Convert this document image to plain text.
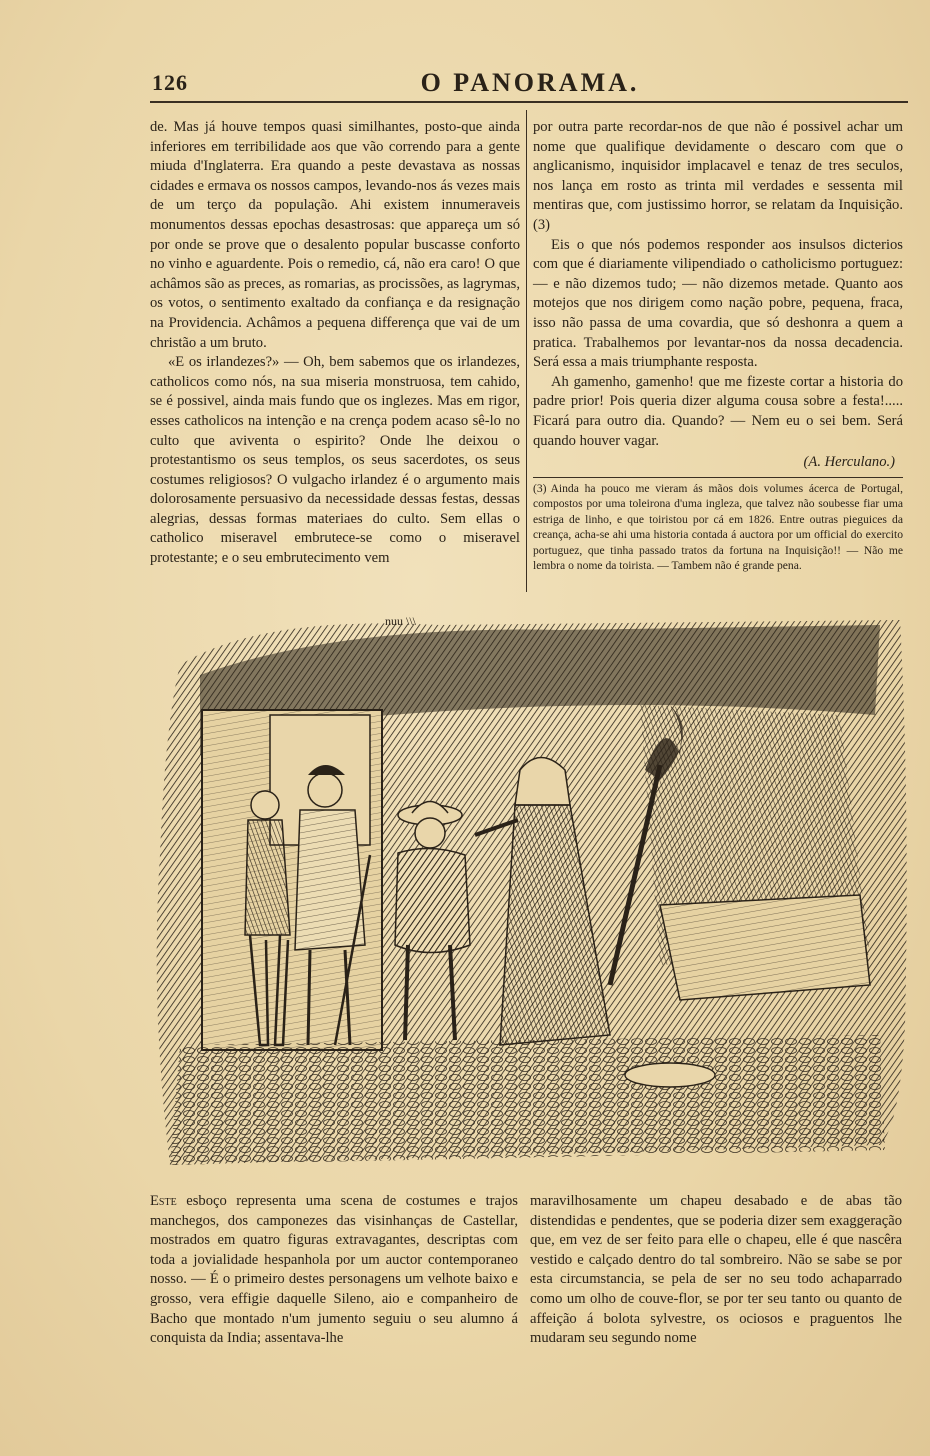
126	O PANORAMA.

de. Mas já houve tempos quasi similhantes, posto-que ainda inferiores em terribilidade aos que vão correndo para a gente miuda d'Inglaterra. Era quando a peste devastava as nossas cidades e ermava os nossos campos, levando-nos ás vezes mais de um terço da população. Ahi existem innumeraveis monumentos dessas epochas desastrosas: que appareça um só por onde se prove que o desalento popular buscasse conforto no vinho e aguardente. Pois o remedio, cá, não era caro! O que achâmos são as preces, as romarias, as procissões, as lagrymas, os votos, o sentimento exaltado da confiança e da resignação na Providencia. Achâmos a pequena differença que vai de um christão a um bruto.

«E os irlandezes?» — Oh, bem sabemos que os irlandezes, catholicos como nós, na sua miseria monstruosa, tem cahido, se é possivel, ainda mais fundo que os inglezes. Mas em rigor, esses catholicos na intenção e na crença podem acaso sê-lo no culto que aviventa o espirito? Onde lhe deixou o protestantismo os seus templos, os seus sacerdotes, os seus costumes religiosos? O vulgacho irlandez é o argumento mais dolorosamente persuasivo da necessidade dessas festas, dessas alegrias, dessas formas materiaes do culto. Sem ellas o catholico miseravel embrutece-se como o miseravel protestante; e o seu embrutecimento vem

por outra parte recordar-nos de que não é possivel achar um nome que qualifique devidamente o descaro com que o anglicanismo, inquisidor implacavel e tenaz de tres seculos, nos lança em rosto as trinta mil verdades e sessenta mil mentiras que, com justissimo horror, se relatam da Inquisição. (3)

Eis o que nós podemos responder aos insulsos dicterios com que é diariamente vilipendiado o catholicismo portuguez: — e não dizemos tudo; — não dizemos metade. Quanto aos motejos que nos dirigem como nação pobre, pequena, fraca, isso não passa de uma covardia, que só deshonra a quem a pratica. Trabalhemos por levantar-nos da nossa decadencia. Será essa a mais triumphante resposta.

Ah gamenho, gamenho! que me fizeste cortar a historia do padre prior! Pois queria dizer alguma cousa sobre a festa!..... Ficará para outro dia. Quando? — Nem eu o sei bem. Será quando houver vagar.

(A. Herculano.)
(3) Ainda ha pouco me vieram ás mãos dois volumes ácerca de Portugal, compostos por uma toleirona d'uma ingleza, que talvez não soubesse fiar uma estriga de linho, e que toiristou por cá em 1826. Entre outras pieguices da creança, acha-se ahi uma historia contada á auctora por um official do exercito portuguez, que tinha passado tratos da fortuna na Inquisição!! — Não me lembra o nome da toirista. — Tambem não é grande pena.
nuu \\\

Este esboço representa uma scena de costumes e trajos manchegos, dos camponezes das visinhanças de Castellar, mostrados em quatro figuras extravagantes, descriptas com toda a jovialidade hespanhola por um auctor contemporaneo nosso. — É o primeiro destes personagens um velhote baixo e grosso, vera effigie daquelle Sileno, aio e companheiro de Bacho que montado n'um jumento seguiu o seu alumno á conquista da India; assentava-lhe

maravilhosamente um chapeu desabado e de abas tão distendidas e pendentes, que se poderia dizer sem exaggeração que, em vez de ser feito para elle o chapeu, elle é que nascêra vestido e calçado dentro do tal sombreiro. Não se sabe se por esta circumstancia, se pela de ser no seu todo achaparrado como um olho de couve-flor, se por ter seu tanto ou quanto de affeição á bolota sylvestre, os ociosos e praguentos lhe mudaram seu segundo nome
